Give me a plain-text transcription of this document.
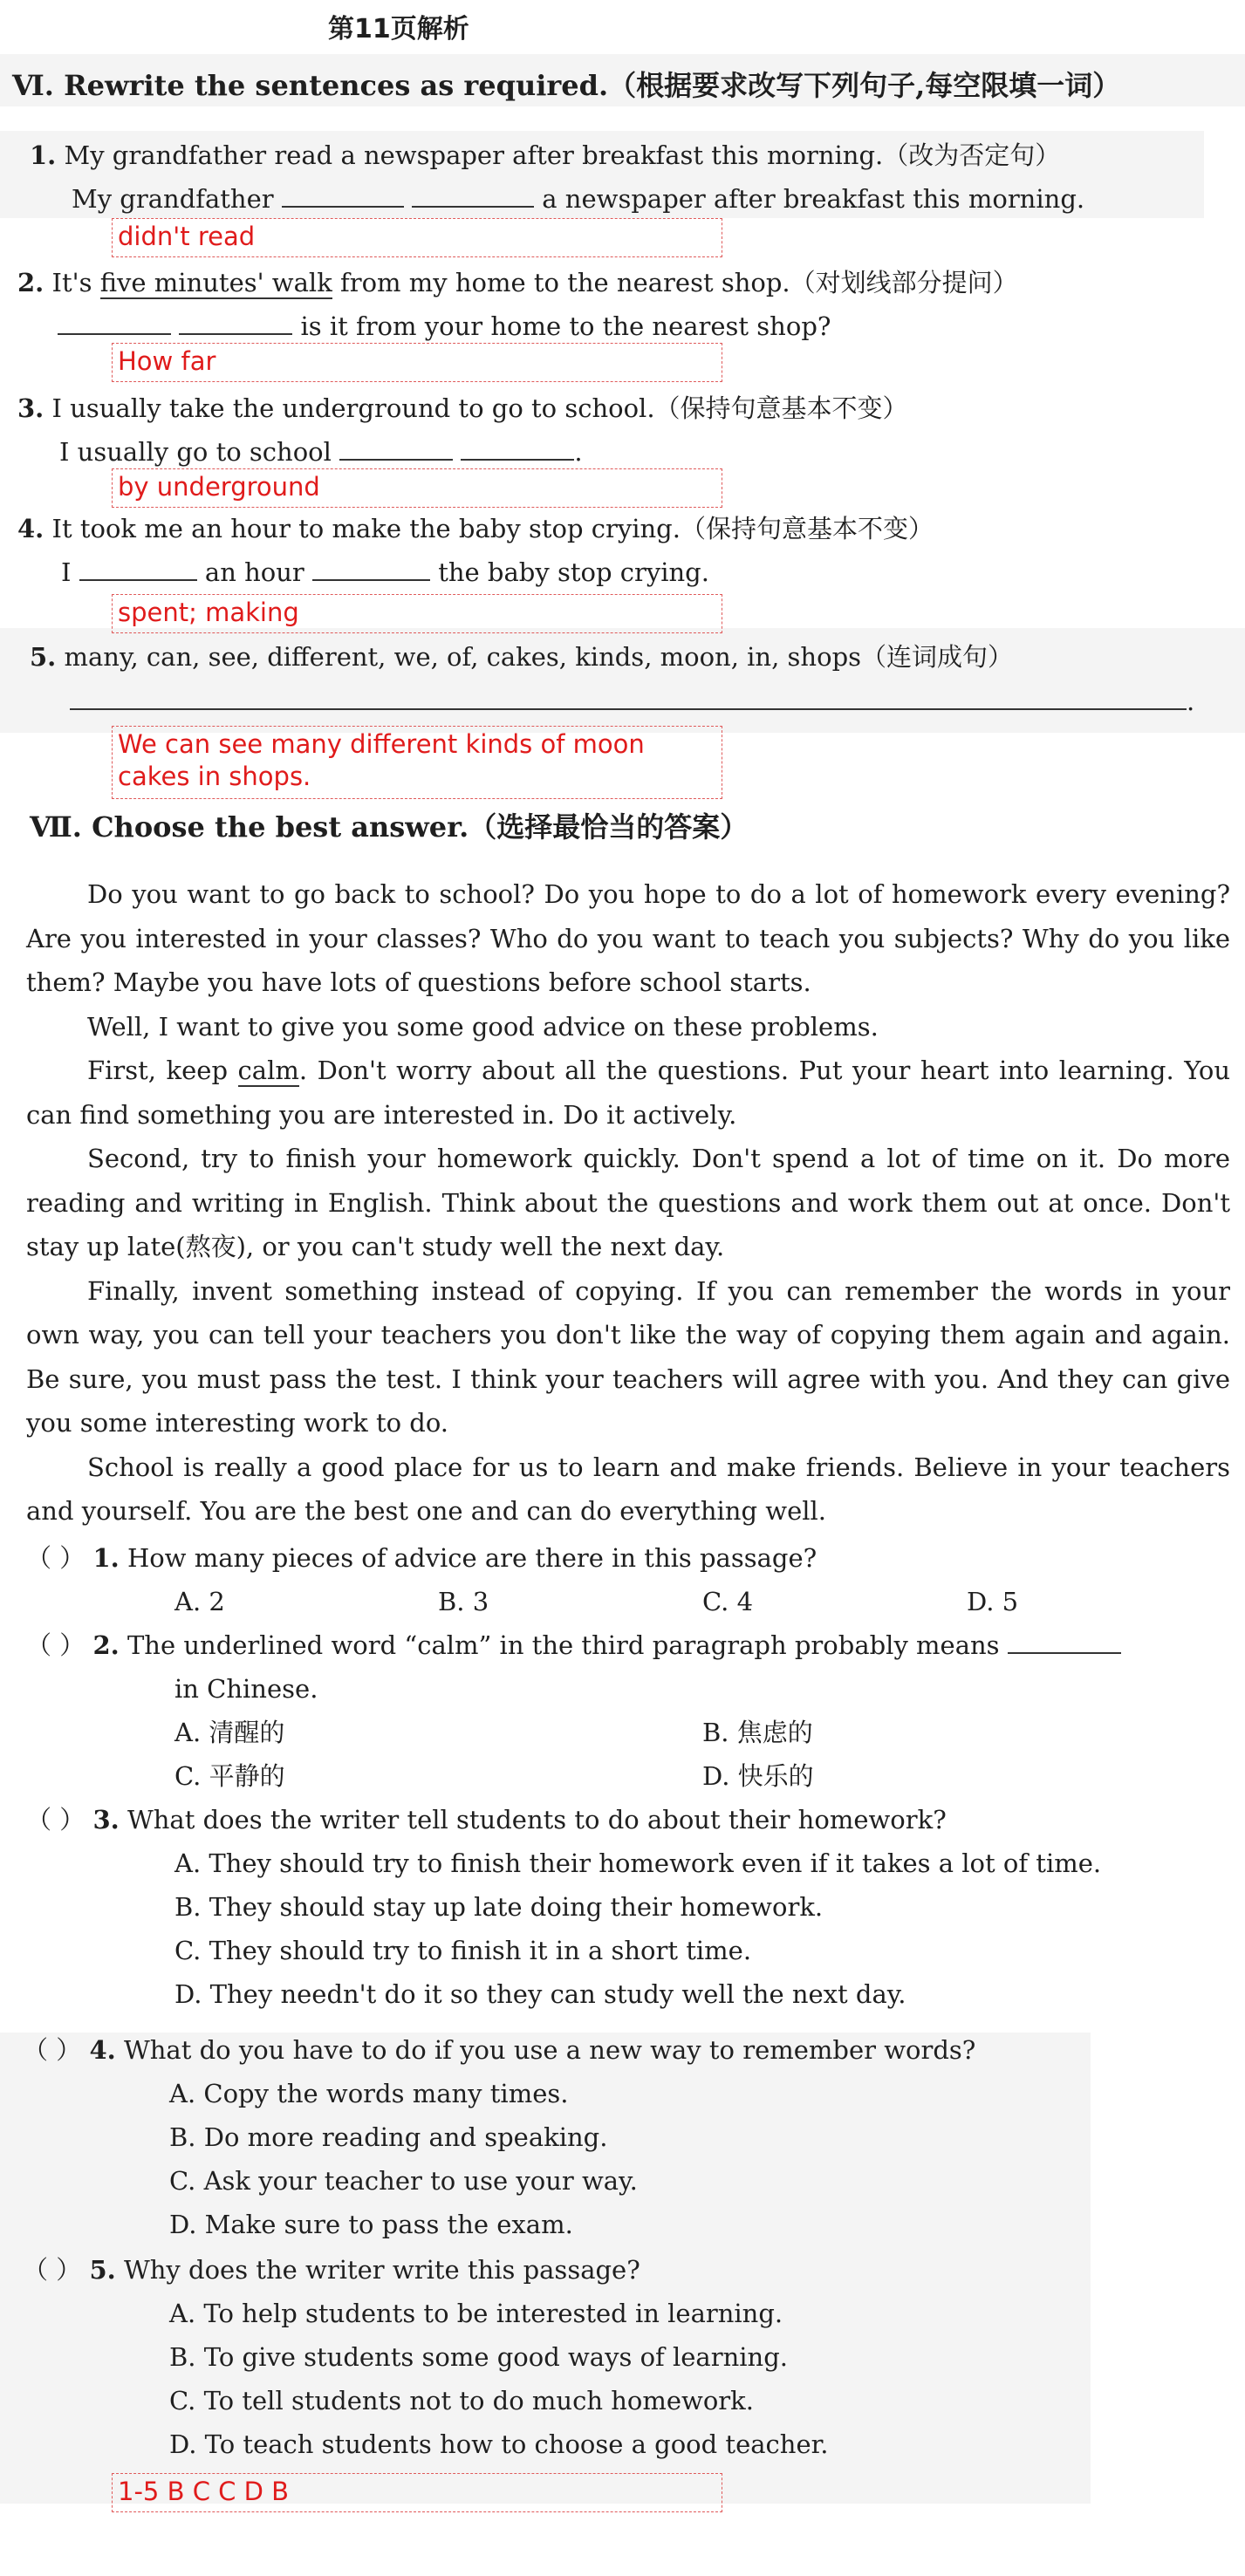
第11页解析
Ⅵ. Rewrite the sentences as required.（根据要求改写下列句子,每空限填一词）
1. My grandfather read a newspaper after breakfast this morning.（改为否定句）
My grandfather	a newspaper after breakfast this morning.
didn't read
2. It's five minutes' walk from my home to the nearest shop.（对划线部分提问）
is it from your home to the nearest shop?
How far
3. I usually take the underground to go to school.（保持句意基本不变）
I usually go to school	.
by underground
4. It took me an hour to make the baby stop crying.（保持句意基本不变）
I	an hour	the baby stop crying.
spent; making
5. many, can, see, different, we, of, cakes, kinds, moon, in, shops（连词成句）
.
We can see many different kinds of moon cakes in shops.
Ⅶ. Choose the best answer.（选择最恰当的答案）
Do you want to go back to school? Do you hope to do a lot of homework every evening? Are you interested in your classes? Who do you want to teach you subjects? Why do you like them? Maybe you have lots of questions before school starts.
Well, I want to give you some good advice on these problems.
First, keep calm. Don't worry about all the questions. Put your heart into learning. You can find something you are interested in. Do it actively.
Second, try to finish your homework quickly. Don't spend a lot of time on it. Do more reading and writing in English. Think about the questions and work them out at once. Don't stay up late(熬夜), or you can't study well the next day.
Finally, invent something instead of copying. If you can remember the words in your own way, you can tell your teachers you don't like the way of copying them again and again. Be sure, you must pass the test. I think your teachers will agree with you. And they can give you some interesting work to do.
School is really a good place for us to learn and make friends. Believe in your teachers and yourself. You are the best one and can do everything well.
（ ） 1. How many pieces of advice are there in this passage?
A. 2	B. 3	C. 4	D. 5
（ ） 2. The underlined word “calm” in the third paragraph probably means
in Chinese.
A. 清醒的	B. 焦虑的
C. 平静的	D. 快乐的
（ ） 3. What does the writer tell students to do about their homework?
A. They should try to finish their homework even if it takes a lot of time.
B. They should stay up late doing their homework.
C. They should try to finish it in a short time.
D. They needn't do it so they can study well the next day.
（ ） 4. What do you have to do if you use a new way to remember words?
A. Copy the words many times.
B. Do more reading and speaking.
C. Ask your teacher to use your way.
D. Make sure to pass the exam.
（ ） 5. Why does the writer write this passage?
A. To help students to be interested in learning.
B. To give students some good ways of learning.
C. To tell students not to do much homework.
D. To teach students how to choose a good teacher.
1-5 B C C D B
